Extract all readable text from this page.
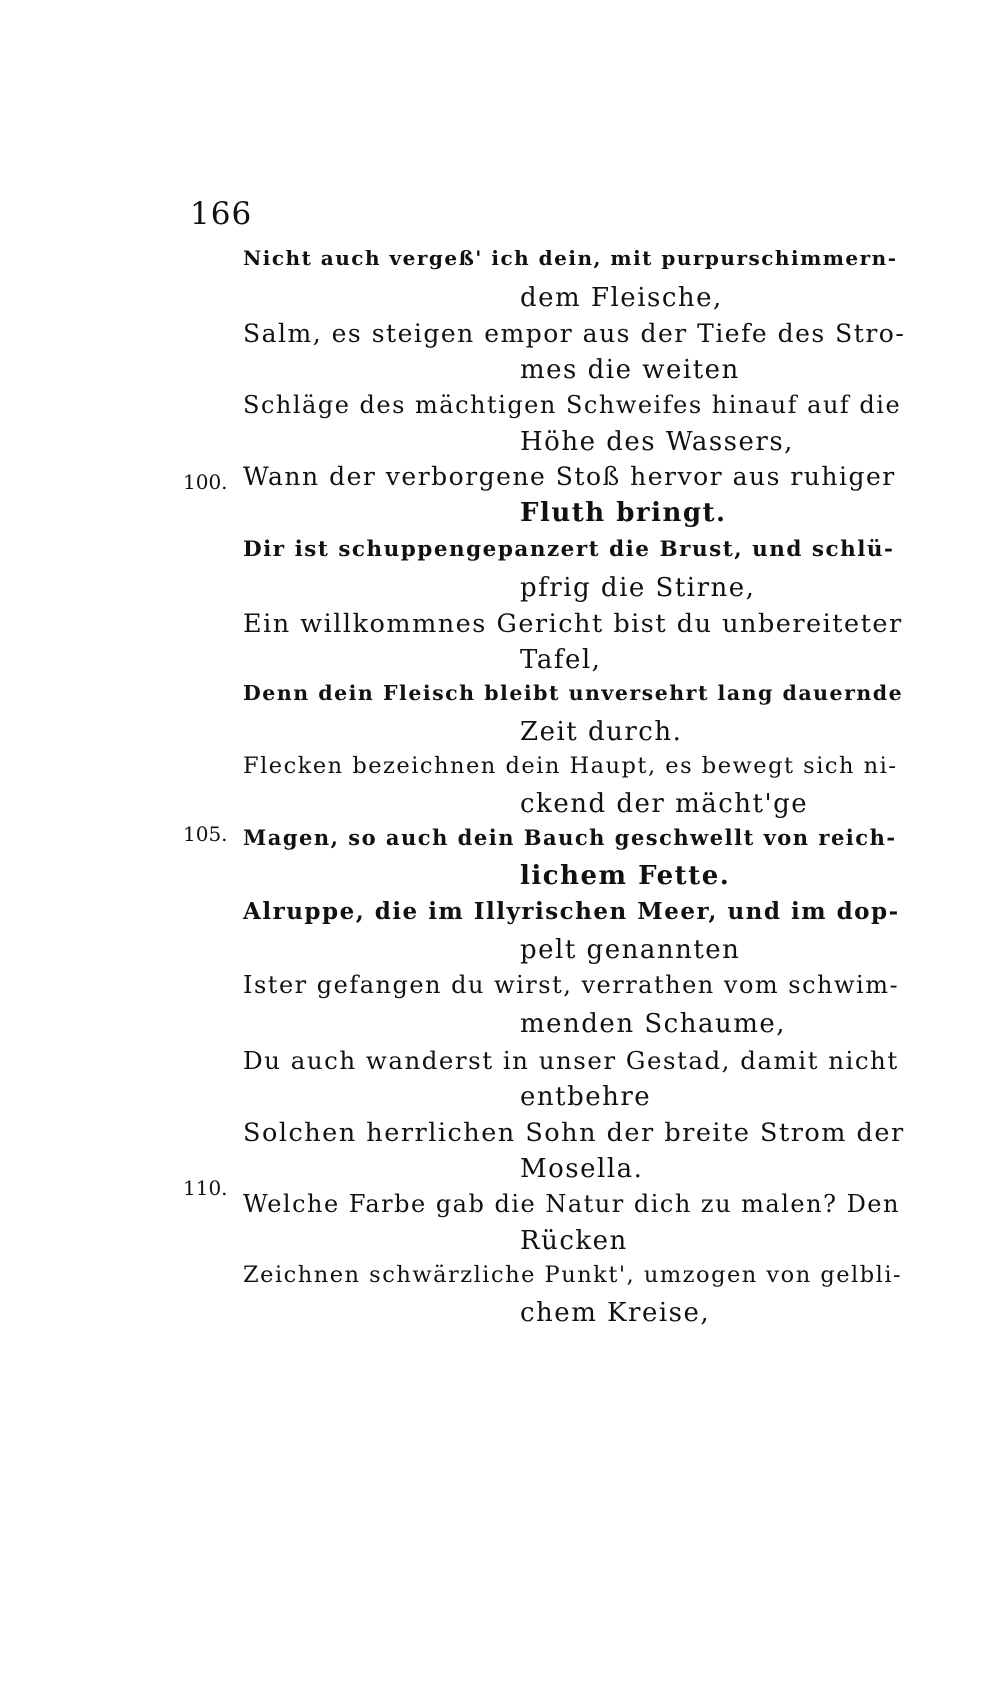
166
100.
105.
110.
Nicht auch vergeß' ich dein, mit purpurschimmern-
dem Fleische,
Salm, es steigen empor aus der Tiefe des Stro-
mes die weiten
Schläge des mächtigen Schweifes hinauf auf die
Höhe des Wassers,
Wann der verborgene Stoß hervor aus ruhiger
Fluth bringt.
Dir ist schuppengepanzert die Brust, und schlü-
pfrig die Stirne,
Ein willkommnes Gericht bist du unbereiteter
Tafel,
Denn dein Fleisch bleibt unversehrt lang dauernde
Zeit durch.
Flecken bezeichnen dein Haupt, es bewegt sich ni-
ckend der mächt'ge
Magen, so auch dein Bauch geschwellt von reich-
lichem Fette.
Alruppe, die im Illyrischen Meer, und im dop-
pelt genannten
Ister gefangen du wirst, verrathen vom schwim-
menden Schaume,
Du auch wanderst in unser Gestad, damit nicht
entbehre
Solchen herrlichen Sohn der breite Strom der
Mosella.
Welche Farbe gab die Natur dich zu malen? Den
Rücken
Zeichnen schwärzliche Punkt', umzogen von gelbli-
chem Kreise,
